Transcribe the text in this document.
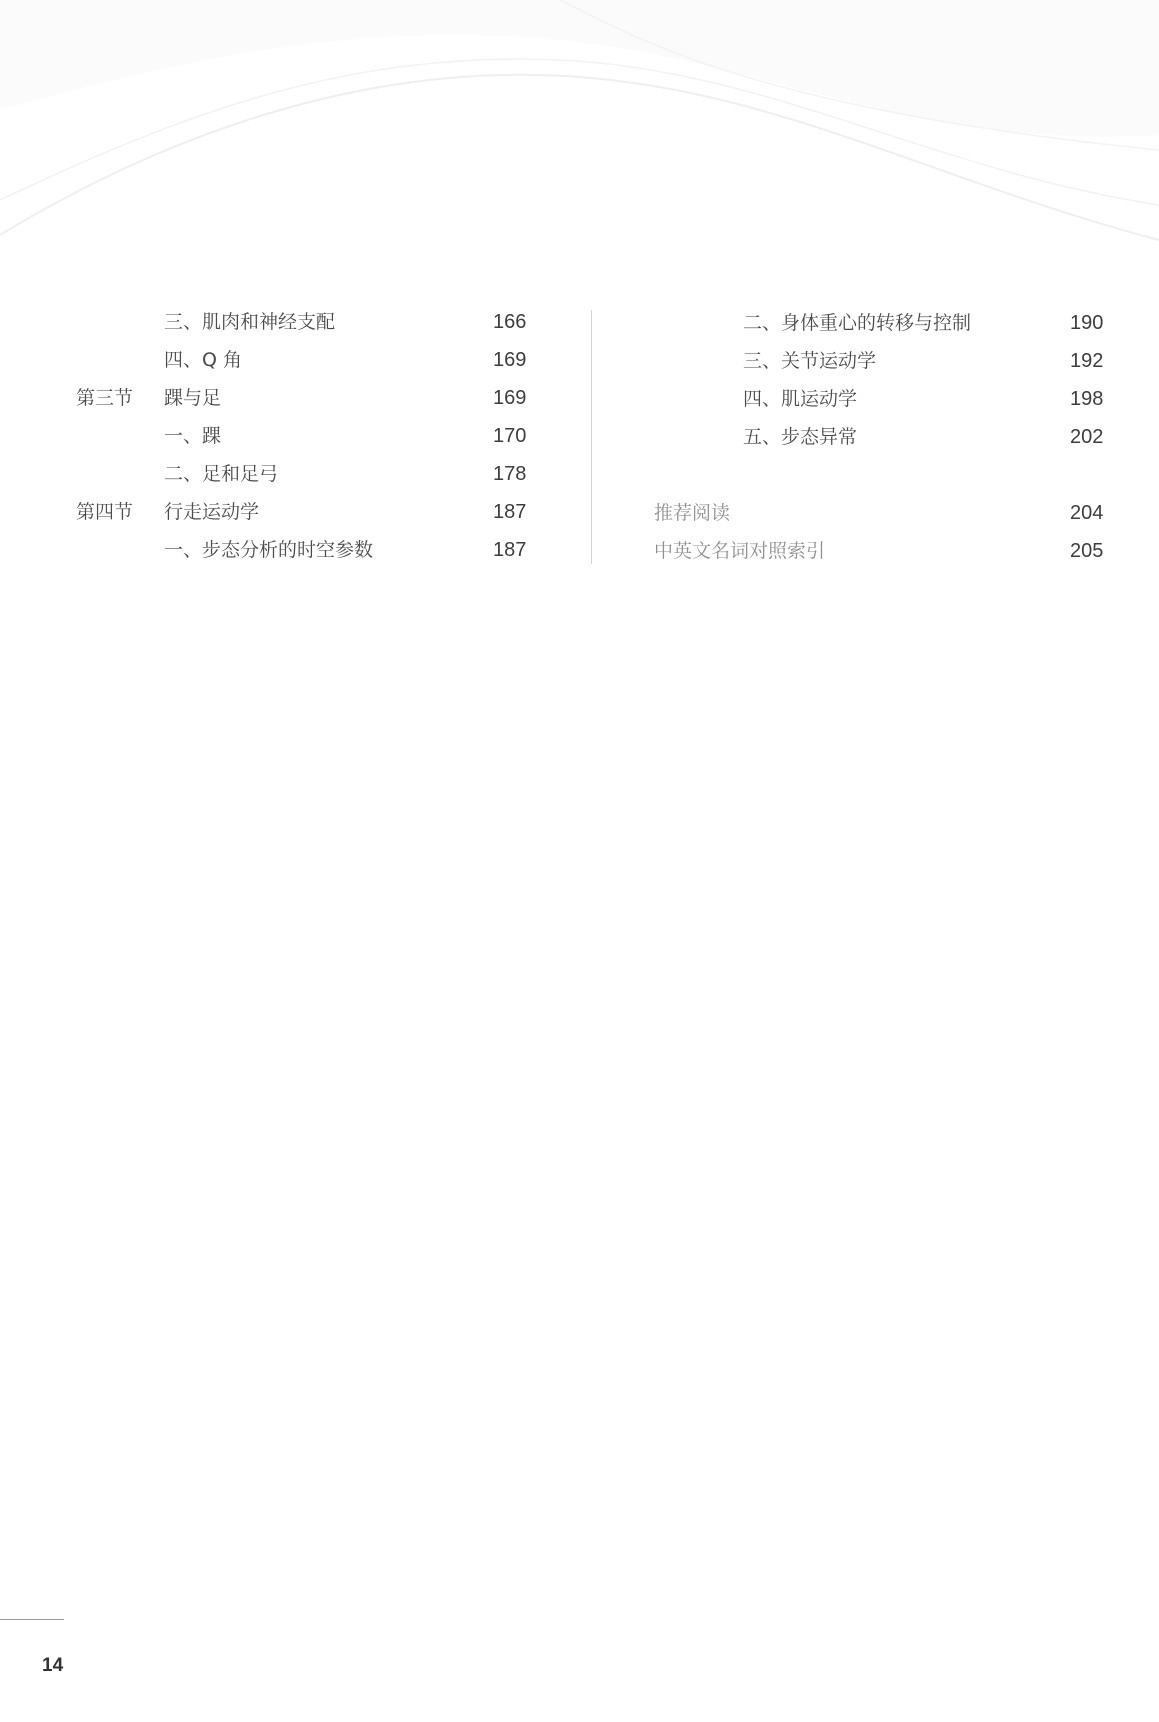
三、肌肉和神经支配	166
四、Q 角	169
第三节 踝与足	169
一、踝	170
二、足和足弓	178
第四节 行走运动学	187
一、步态分析的时空参数	187
二、身体重心的转移与控制	190
三、关节运动学	192
四、肌运动学	198
五、步态异常	202
推荐阅读	204
中英文名词对照索引	205
14
